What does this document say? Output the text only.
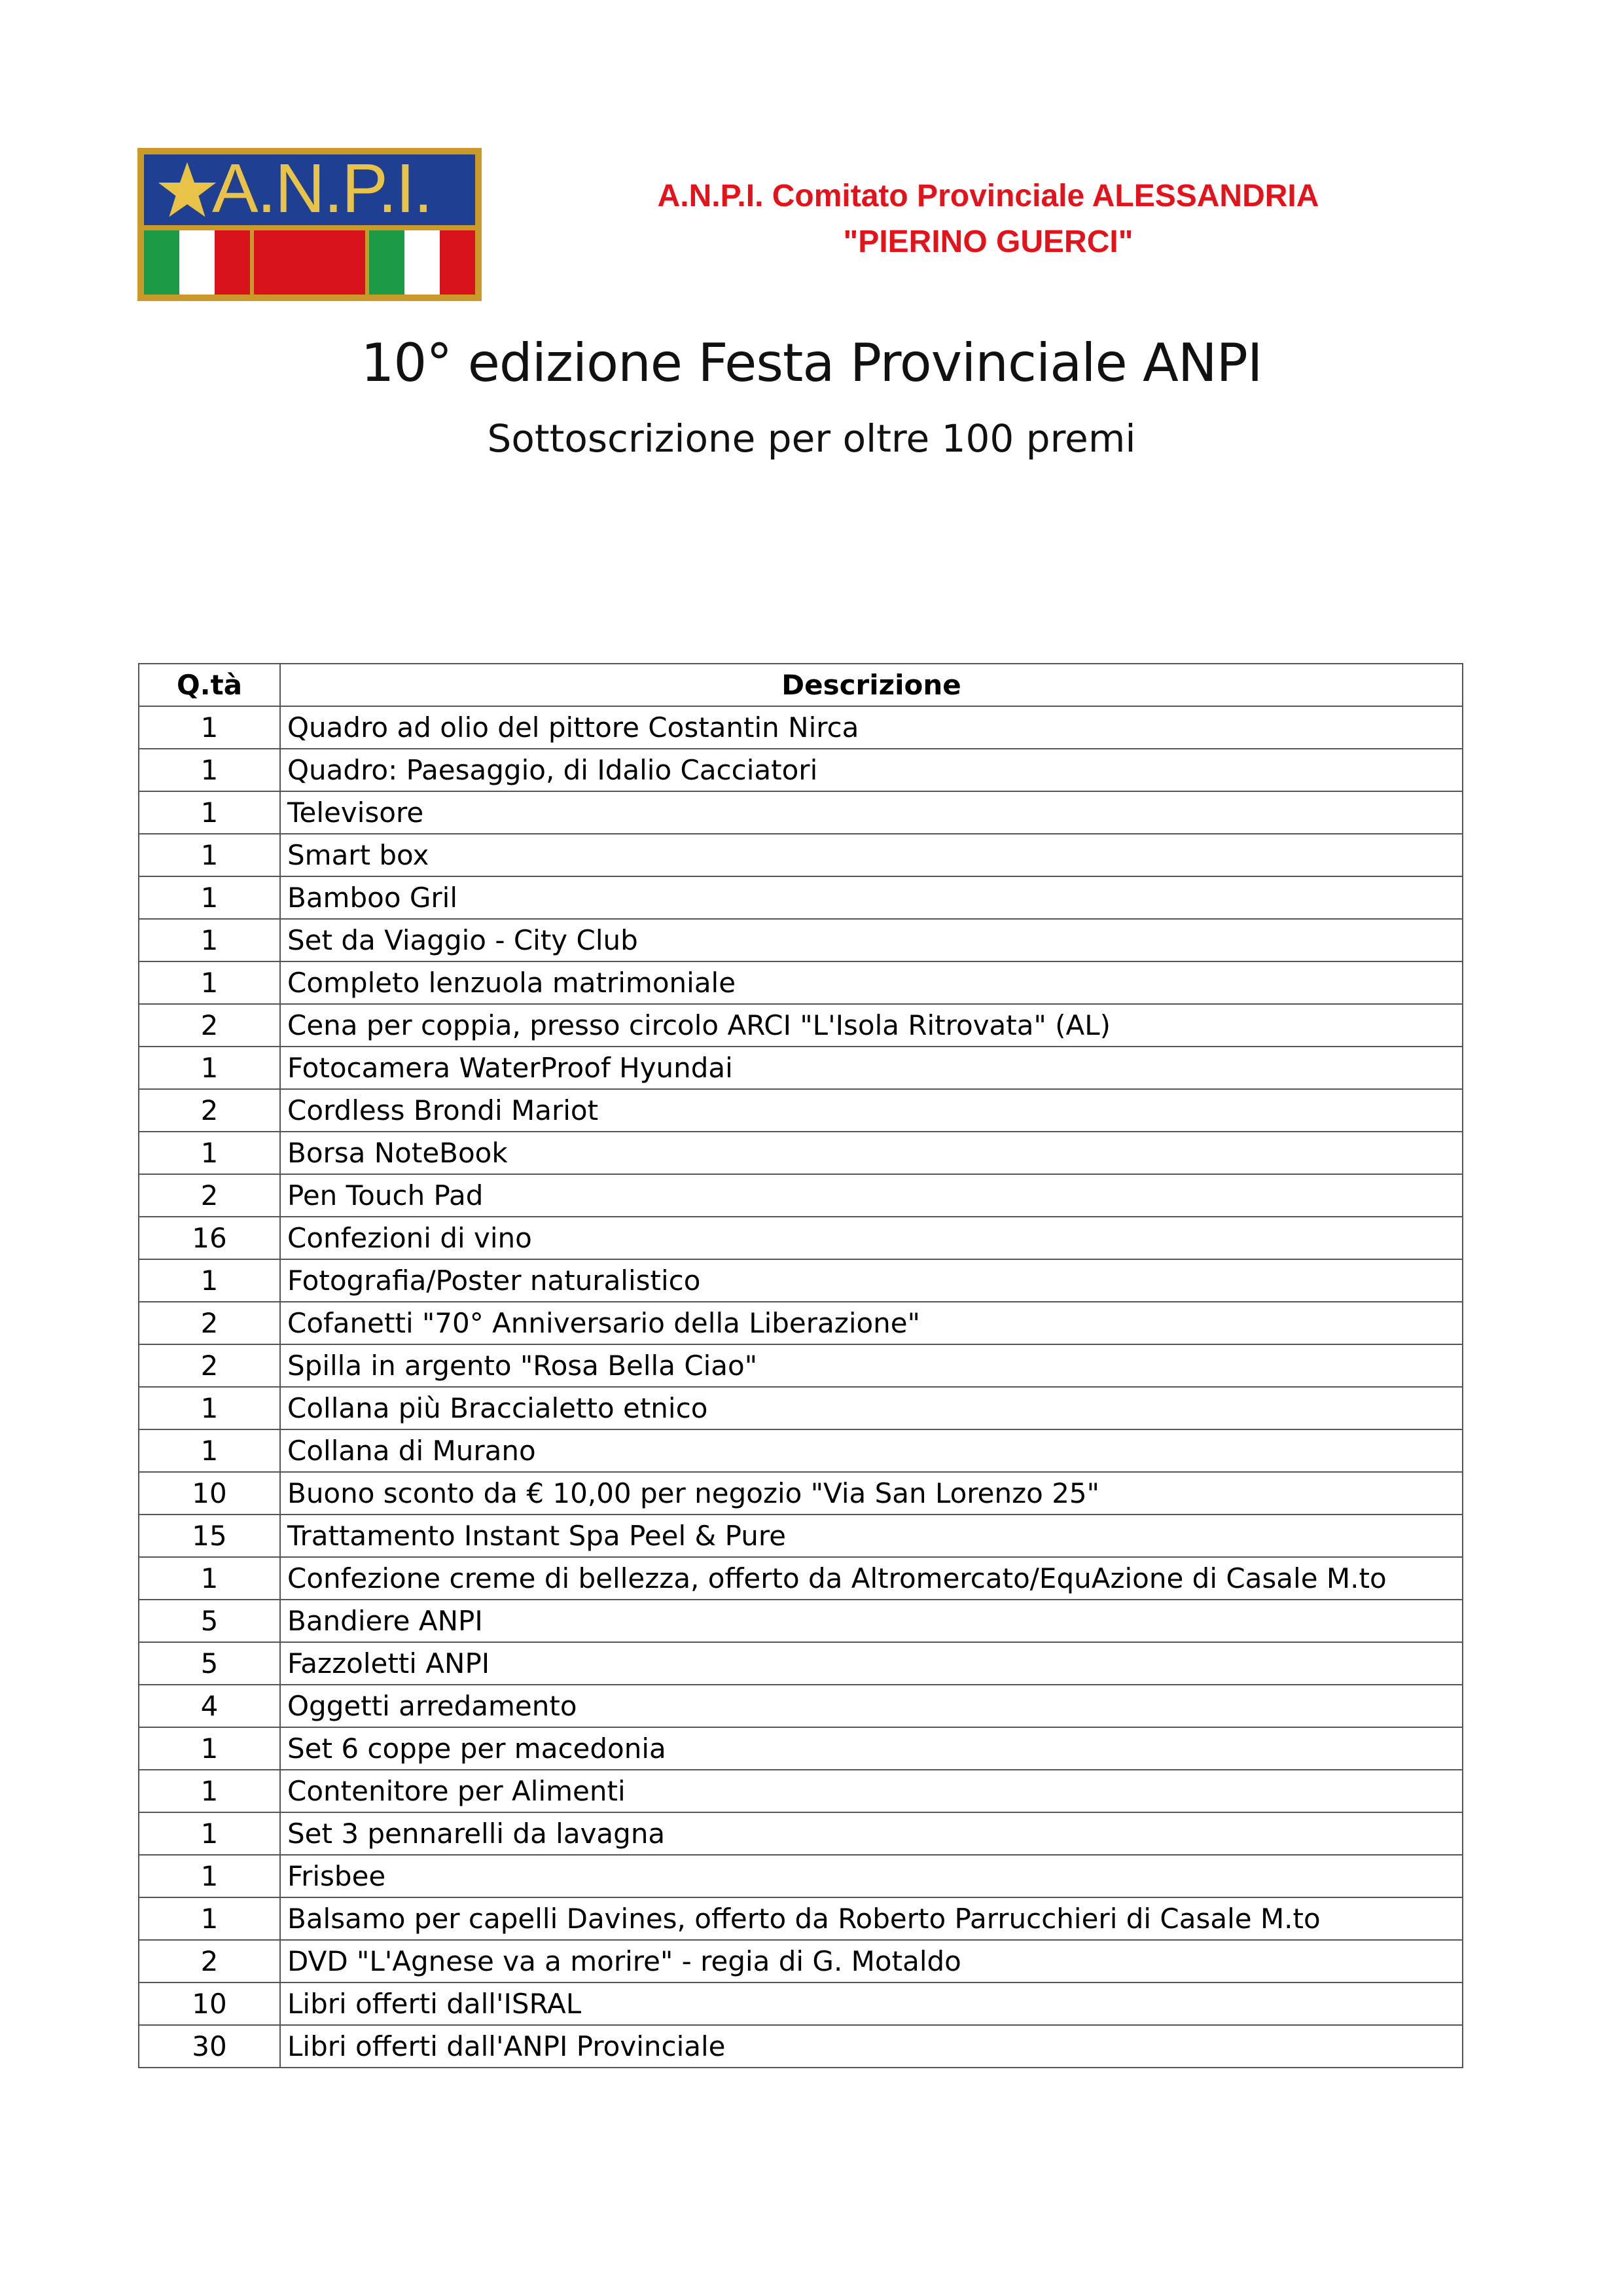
A.N.P.I.	A.N.P.I. Comitato Provinciale ALESSANDRIA
"PIERINO GUERCI"
10° edizione Festa Provinciale ANPI
Sottoscrizione per oltre 100 premi
Q.tà	Descrizione
1	Quadro ad olio del pittore Costantin Nirca
1	Quadro: Paesaggio, di Idalio Cacciatori
1	Televisore
1	Smart box
1	Bamboo Gril
1	Set da Viaggio - City Club
1	Completo lenzuola matrimoniale
2	Cena per coppia, presso circolo ARCI "L'Isola Ritrovata" (AL)
1	Fotocamera WaterProof Hyundai
2	Cordless Brondi Mariot
1	Borsa NoteBook
2	Pen Touch Pad
16	Confezioni di vino
1	Fotografia/Poster naturalistico
2	Cofanetti "70° Anniversario della Liberazione"
2	Spilla in argento "Rosa Bella Ciao"
1	Collana più Braccialetto etnico
1	Collana di Murano
10	Buono sconto da € 10,00 per negozio "Via San Lorenzo 25"
15	Trattamento Instant Spa Peel & Pure
1	Confezione creme di bellezza, offerto da Altromercato/EquAzione di Casale M.to
5	Bandiere ANPI
5	Fazzoletti ANPI
4	Oggetti arredamento
1	Set 6 coppe per macedonia
1	Contenitore per Alimenti
1	Set 3 pennarelli da lavagna
1	Frisbee
1	Balsamo per capelli Davines, offerto da Roberto Parrucchieri di Casale M.to
2	DVD "L'Agnese va a morire" - regia di G. Motaldo
10	Libri offerti dall'ISRAL
30	Libri offerti dall'ANPI Provinciale
